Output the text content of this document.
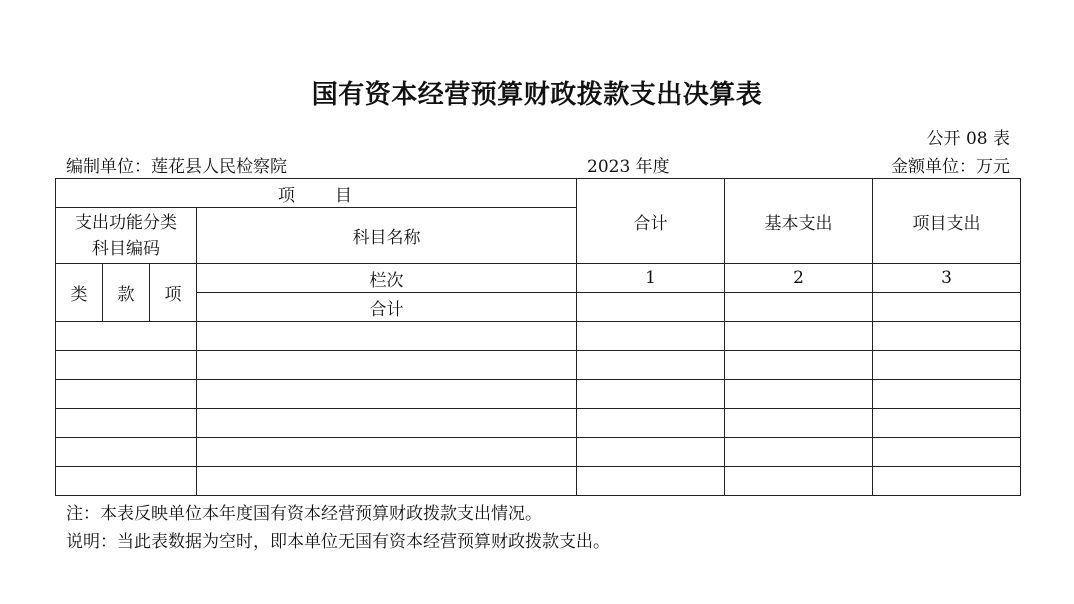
国有资本经营预算财政拨款支出决算表
公开 08 表
编制单位：莲花县人民检察院	2023 年度	金额单位：万元
项　　目				合计	基本支出	项目支出

支出功能分类
科目编码			科目名称			
类	款	项	栏次	1	2	3
			合计			

注：本表反映单位本年度国有资本经营预算财政拨款支出情况。
说明：当此表数据为空时，即本单位无国有资本经营预算财政拨款支出。
